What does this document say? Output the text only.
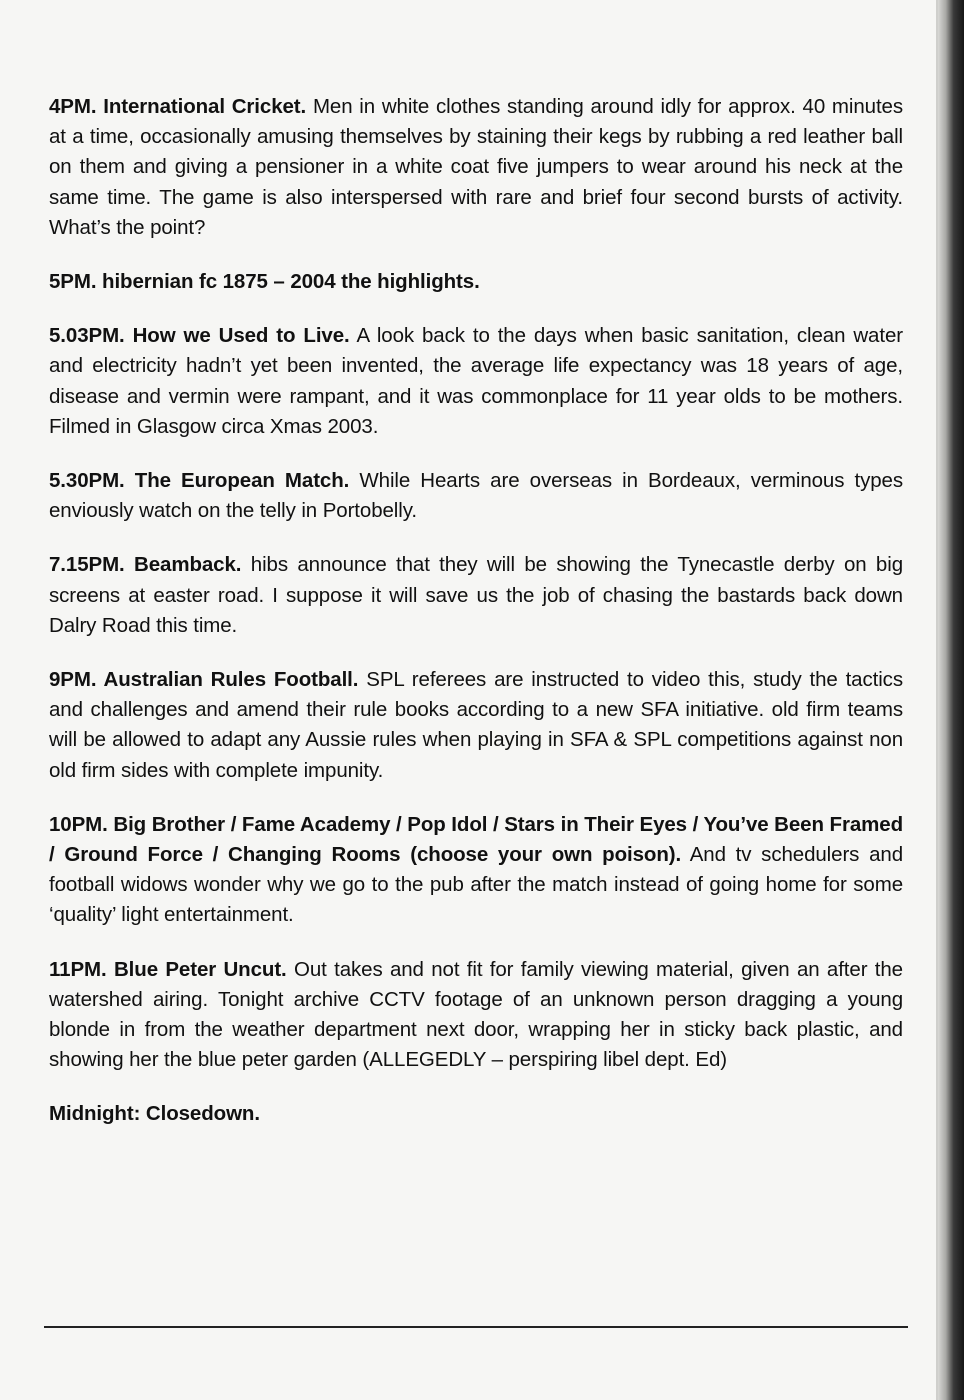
4PM. International Cricket. Men in white clothes standing around idly for approx. 40 minutes at a time, occasionally amusing themselves by staining their kegs by rubbing a red leather ball on them and giving a pensioner in a white coat five jumpers to wear around his neck at the same time. The game is also interspersed with rare and brief four second bursts of activity. What’s the point?

5PM. hibernian fc 1875 – 2004 the highlights.

5.03PM. How we Used to Live. A look back to the days when basic sanitation, clean water and electricity hadn’t yet been invented, the average life expectancy was 18 years of age, disease and vermin were rampant, and it was commonplace for 11 year olds to be mothers. Filmed in Glasgow circa Xmas 2003.

5.30PM. The European Match. While Hearts are overseas in Bordeaux, verminous types enviously watch on the telly in Portobelly.

7.15PM. Beamback. hibs announce that they will be showing the Tynecastle derby on big screens at easter road. I suppose it will save us the job of chasing the bastards back down Dalry Road this time.

9PM. Australian Rules Football. SPL referees are instructed to video this, study the tactics and challenges and amend their rule books according to a new SFA initiative. old firm teams will be allowed to adapt any Aussie rules when playing in SFA & SPL competitions against non old firm sides with complete impunity.

10PM. Big Brother / Fame Academy / Pop Idol / Stars in Their Eyes / You’ve Been Framed / Ground Force / Changing Rooms (choose your own poison). And tv schedulers and football widows wonder why we go to the pub after the match instead of going home for some ‘quality’ light entertainment.

11PM. Blue Peter Uncut. Out takes and not fit for family viewing material, given an after the watershed airing. Tonight archive CCTV footage of an unknown person dragging a young blonde in from the weather department next door, wrapping her in sticky back plastic, and showing her the blue peter garden (ALLEGEDLY – perspiring libel dept. Ed)

Midnight: Closedown.
